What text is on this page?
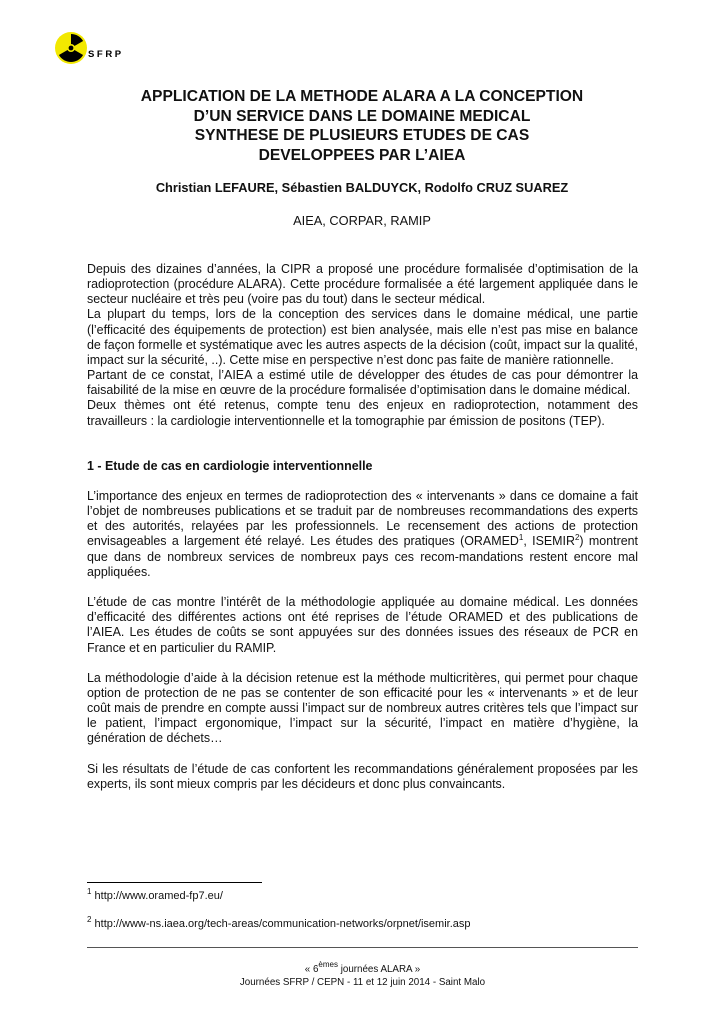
SFRP
APPLICATION DE LA METHODE ALARA A LA CONCEPTION
D’UN SERVICE DANS LE DOMAINE MEDICAL
SYNTHESE DE PLUSIEURS ETUDES DE CAS
DEVELOPPEES PAR L’AIEA
Christian LEFAURE, Sébastien BALDUYCK, Rodolfo CRUZ SUAREZ
AIEA, CORPAR, RAMIP

Depuis des dizaines d’années, la CIPR a proposé une procédure formalisée d’optimisation de la radioprotection (procédure ALARA). Cette procédure formalisée a été largement appliquée dans le secteur nucléaire et très peu (voire pas du tout) dans le secteur médical.

La plupart du temps, lors de la conception des services dans le domaine médical, une partie (l’efficacité des équipements de protection) est bien analysée, mais elle n’est pas mise en balance de façon formelle et systématique avec les autres aspects de la décision (coût, impact sur la qualité, impact sur la sécurité, ..). Cette mise en perspective n’est donc pas faite de manière rationnelle.

Partant de ce constat, l’AIEA a estimé utile de développer des études de cas pour démontrer la faisabilité de la mise en œuvre de la procédure formalisée d’optimisation dans le domaine médical.

Deux thèmes ont été retenus, compte tenu des enjeux en radioprotection, notamment des travailleurs : la cardiologie interventionnelle et la tomographie par émission de positons (TEP).

1 - Etude de cas en cardiologie interventionnelle

L’importance des enjeux en termes de radioprotection des « intervenants » dans ce domaine a fait l’objet de nombreuses publications et se traduit par de nombreuses recommandations des experts et des autorités, relayées par les professionnels. Le recensement des actions de protection envisageables a largement été relayé. Les études des pratiques (ORAMED$^1$, ISEMIR$^2$) montrent que dans de nombreux services de nombreux pays ces recom-mandations restent encore mal appliquées.

L’étude de cas montre l’intérêt de la méthodologie appliquée au domaine médical. Les données d’efficacité des différentes actions ont été reprises de l’étude ORAMED et des publications de l’AIEA. Les études de coûts se sont appuyées sur des données issues des réseaux de PCR en France et en particulier du RAMIP.

La méthodologie d’aide à la décision retenue est la méthode multicritères, qui permet pour chaque option de protection de ne pas se contenter de son efficacité pour les « intervenants » et de leur coût mais de prendre en compte aussi l’impact sur de nombreux autres critères tels que l’impact sur le patient, l’impact ergonomique, l’impact sur la sécurité, l’impact en matière d’hygiène, la génération de déchets…

Si les résultats de l’étude de cas confortent les recommandations généralement proposées par les experts, ils sont mieux compris par les décideurs et donc plus convaincants.

$^1$ http://www.oramed-fp7.eu/
$^2$ http://www-ns.iaea.org/tech-areas/communication-networks/orpnet/isemir.asp
« 6èmes journées ALARA »
Journées SFRP / CEPN - 11 et 12 juin 2014 - Saint Malo
